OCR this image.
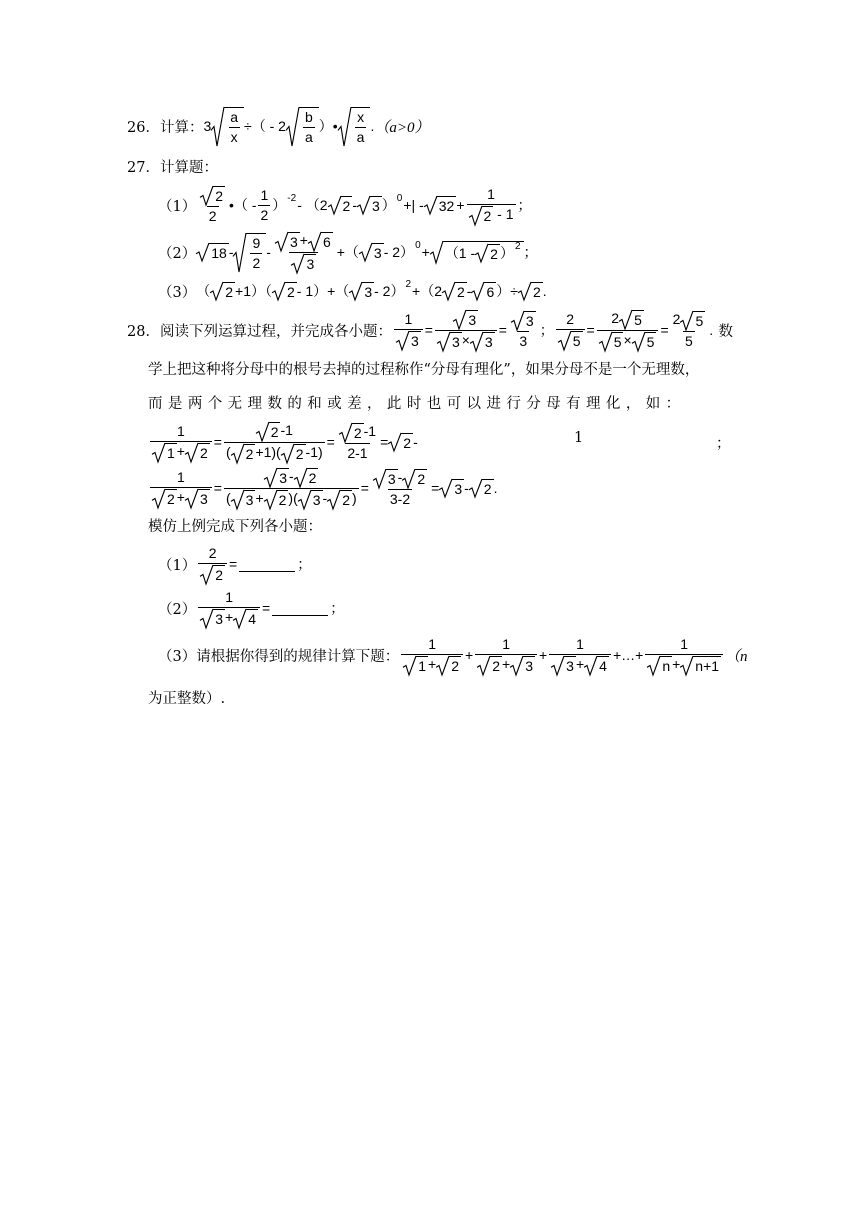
26． 计算： $3 \frac{a}{x}$ ÷（ - $2 \frac{b}{a}$ ）• $\frac{x}{a}$ . （a>0）
27． 计算题：
$(1) \frac{2}{2}$ •（ - $\frac{1}{2}$ ） -2 - （2 2 - 3 ） 0 +| - $32 + \frac{1}{2 - 1}$ ；
（2） $18 - \frac{9}{2} - \frac{3 + 6}{3}$ +（ 3 - 2） 0 + （1 - 2 ） 2 ；
（3） （ 2 +1）（ 2 - 1）+（ 3 - 2） 2 +（2 2 - 6 ）÷ 2 .
28． 阅读下列运算过程，并完成各小题： $\frac{1}{3} = \frac{3}{3 \times 3} = \frac{3}{3}$ ； $\frac{2}{5} = \frac{2 5}{5 \times 5} = \frac{2 5}{5}$ . 数
学上把这种将分母中的根号去掉的过程称作“分母有理化”，如果分母不是一个无理数，
而 是 两 个 无 理 数 的 和 或 差 ， 此 时 也 可 以 进 行 分 母 有 理 化 ， 如 ：
$\frac{1}{1 + 2} = \frac{2 -1}{( 2 +1)( 2 -1)} = \frac{2 -1}{2-1} = 2$ -	1	；
$\frac{1}{2 + 3} = \frac{3 - 2}{( 3 + 2 )( 3 - 2 )} = \frac{3 - 2}{3-2} = 3 - 2$ .
模仿上例完成下列各小题：
$(1) \frac{2}{2}$ =	；
$(2) \frac{1}{3 + 4}$ =	；
（3） 请根据你得到的规律计算下题： $\frac{1}{1 + 2} + \frac{1}{2 + 3} + \frac{1}{3 + 4}$ +…+ $\frac{1}{n + n+1} (n$
为正整数）.
